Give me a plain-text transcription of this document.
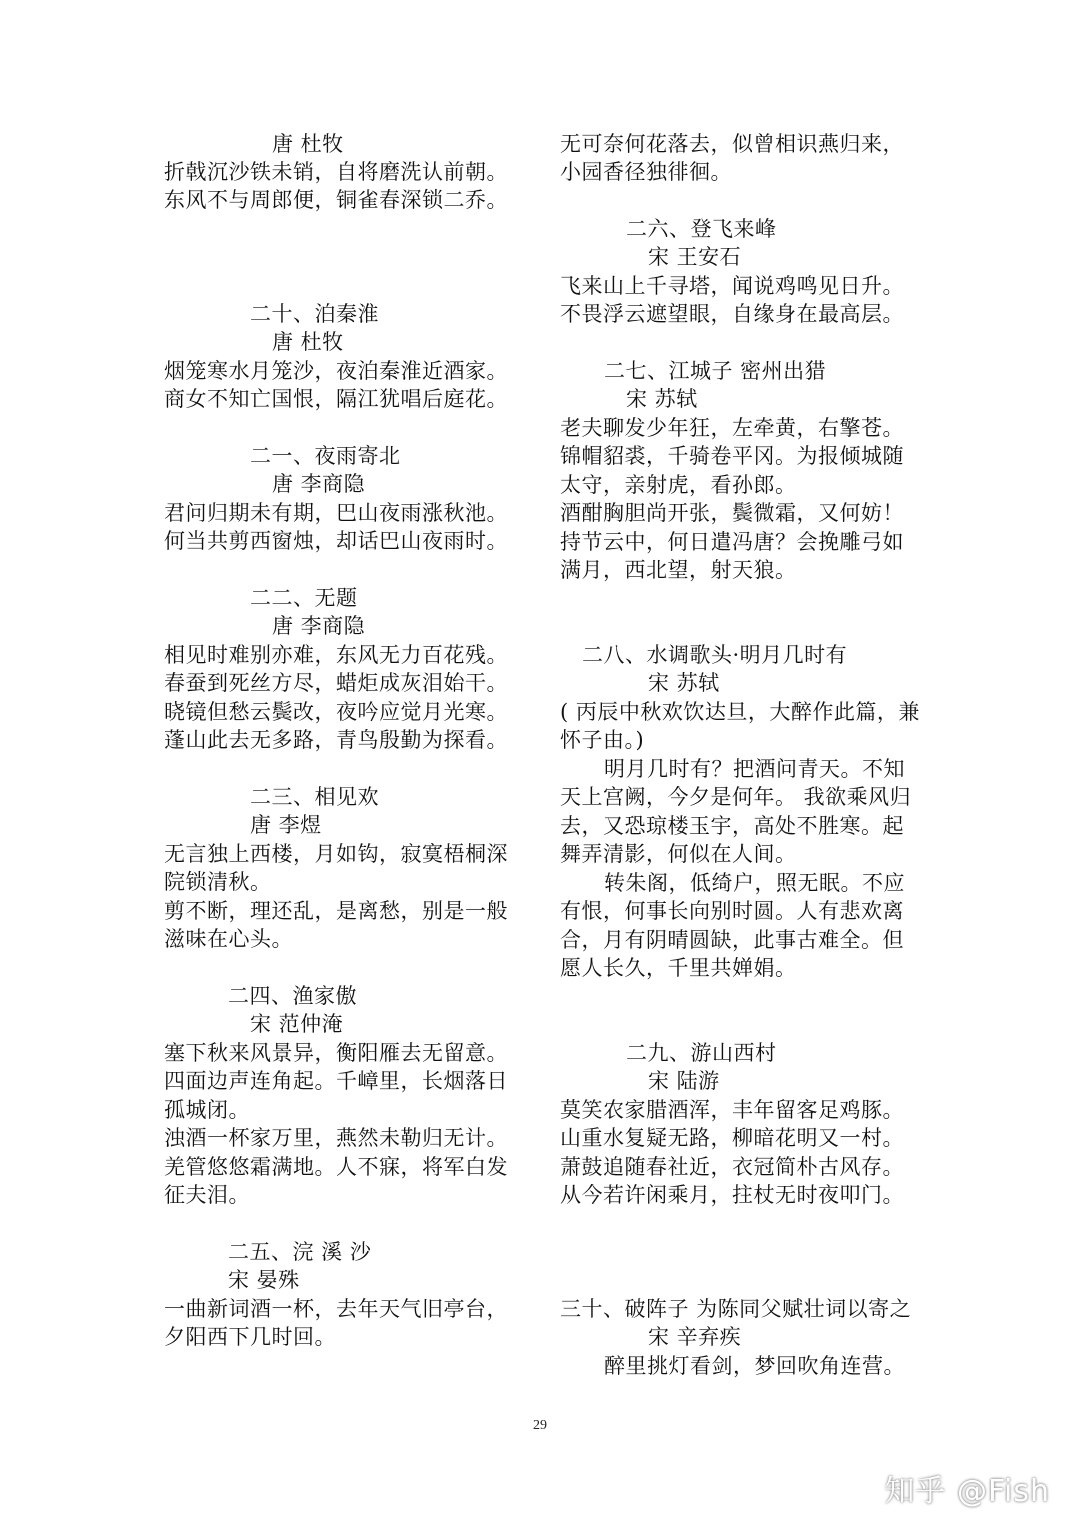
唐 杜牧
折戟沉沙铁未销，自将磨洗认前朝。
东风不与周郎便，铜雀春深锁二乔。
二十、泊秦淮
唐 杜牧
烟笼寒水月笼沙，夜泊秦淮近酒家。
商女不知亡国恨，隔江犹唱后庭花。
二一、夜雨寄北
唐 李商隐
君问归期未有期，巴山夜雨涨秋池。
何当共剪西窗烛，却话巴山夜雨时。
二二、无题
唐 李商隐
相见时难别亦难，东风无力百花残。
春蚕到死丝方尽，蜡炬成灰泪始干。
晓镜但愁云鬓改，夜吟应觉月光寒。
蓬山此去无多路，青鸟殷勤为探看。
二三、相见欢
唐 李煜
无言独上西楼，月如钩，寂寞梧桐深
院锁清秋。
剪不断，理还乱，是离愁，别是一般
滋味在心头。
二四、渔家傲
宋 范仲淹
塞下秋来风景异，衡阳雁去无留意。
四面边声连角起。千嶂里，长烟落日
孤城闭。
浊酒一杯家万里，燕然未勒归无计。
羌管悠悠霜满地。人不寐，将军白发
征夫泪。
二五、浣 溪 沙
宋 晏殊
一曲新词酒一杯，去年天气旧亭台，
夕阳西下几时回。
无可奈何花落去，似曾相识燕归来，
小园香径独徘徊。
二六、登飞来峰
宋 王安石
飞来山上千寻塔，闻说鸡鸣见日升。
不畏浮云遮望眼，自缘身在最高层。
二七、江城子 密州出猎
宋 苏轼
老夫聊发少年狂，左牵黄，右擎苍。
锦帽貂裘，千骑卷平冈。为报倾城随
太守，亲射虎，看孙郎。
酒酣胸胆尚开张，鬓微霜，又何妨！
持节云中，何日遣冯唐？会挽雕弓如
满月，西北望，射天狼。
二八、水调歌头·明月几时有
宋 苏轼
( 丙辰中秋欢饮达旦，大醉作此篇，兼
怀子由。)
明月几时有？把酒问青天。不知
天上宫阙，今夕是何年。 我欲乘风归
去，又恐琼楼玉宇，高处不胜寒。起
舞弄清影，何似在人间。
转朱阁，低绮户，照无眠。不应
有恨，何事长向别时圆。人有悲欢离
合，月有阴晴圆缺，此事古难全。但
愿人长久，千里共婵娟。
二九、游山西村
宋 陆游
莫笑农家腊酒浑，丰年留客足鸡豚。
山重水复疑无路，柳暗花明又一村。
萧鼓追随春社近，衣冠简朴古风存。
从今若许闲乘月，拄杖无时夜叩门。
三十、破阵子 为陈同父赋壮词以寄之
宋 辛弃疾
醉里挑灯看剑，梦回吹角连营。
29
知乎 @Fish
